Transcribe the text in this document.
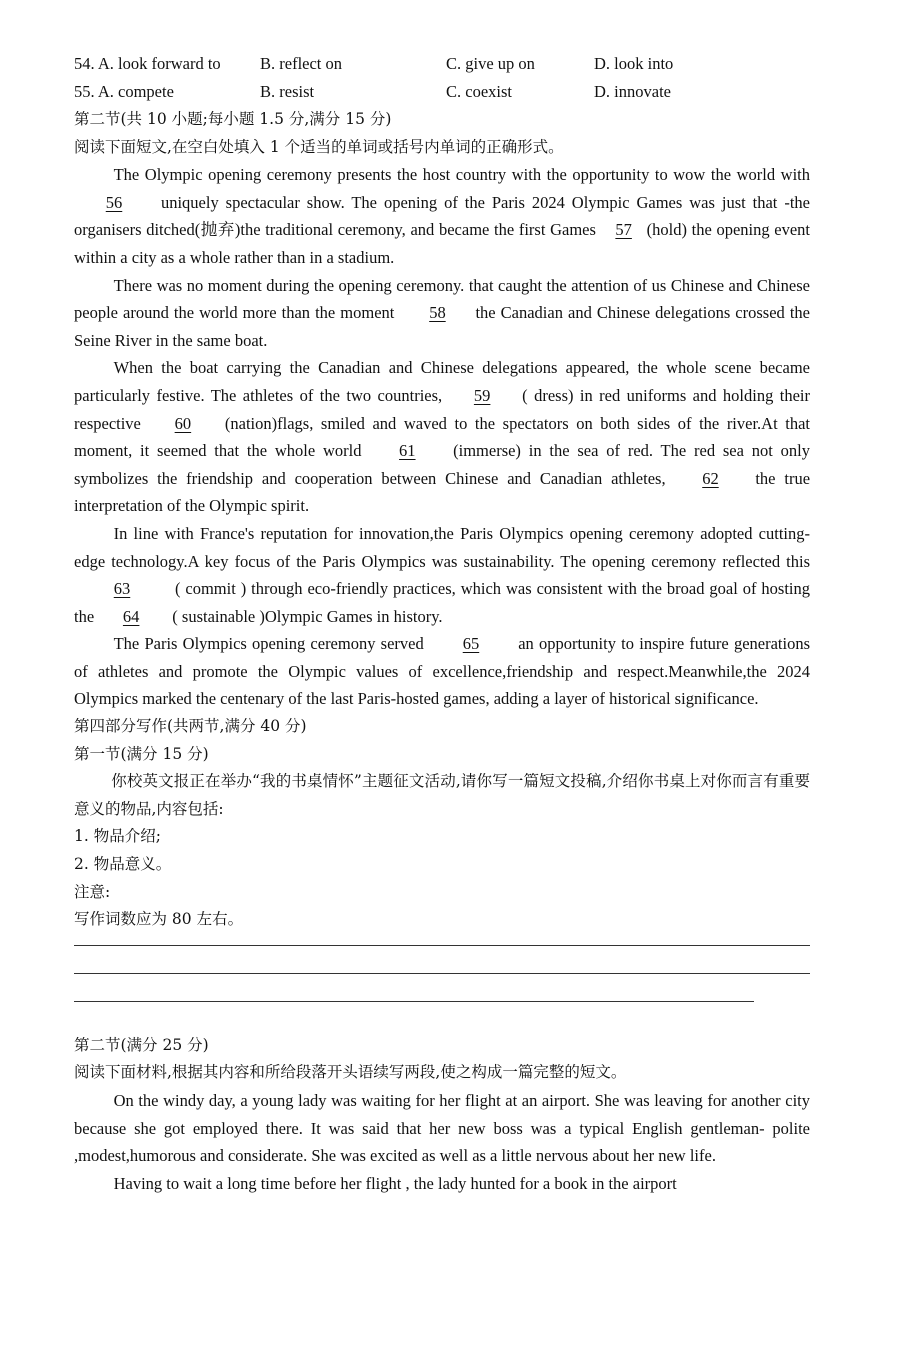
54. A. look forward to	B. reflect on	C. give up on	D. look into
55. A. compete	B. resist	C. coexist	D. innovate

第二节(共 10 小题;每小题 1.5 分,满分 15 分)

阅读下面短文,在空白处填入 1 个适当的单词或括号内单词的正确形式。

The Olympic opening ceremony presents the host country with the opportunity to wow the world with56 uniquely spectacular show. The opening of the Paris 2024 Olympic Games was just that -the organisers ditched(抛弃)the traditional ceremony, and became the first Games 57 (hold) the opening event within a city as a whole rather than in a stadium.

There was no moment during the opening ceremony. that caught the attention of us Chinese and Chinese people around the world more than the moment 58 the Canadian and Chinese delegations crossed the Seine River in the same boat.

When the boat carrying the Canadian and Chinese delegations appeared, the whole scene became particularly festive. The athletes of the two countries, 59 ( dress) in red uniforms and holding their respective 60 (nation)flags, smiled and waved to the spectators on both sides of the river.At that moment, it seemed that the whole world 61 (immerse) in the sea of red. The red sea not only symbolizes the friendship and cooperation between Chinese and Canadian athletes, 62 the true interpretation of the Olympic spirit.

In line with France's reputation for innovation,the Paris Olympics opening ceremony adopted cutting-edge technology.A key focus of the Paris Olympics was sustainability. The opening ceremony reflected this 63	( commit ) through eco-friendly practices, which was consistent with the broad goal of hosting the 64 ( sustainable )Olympic Games in history.

The Paris Olympics opening ceremony served 65 an opportunity to inspire future generations of athletes and promote the Olympic values of excellence,friendship and respect.Meanwhile,the 2024 Olympics marked the centenary of the last Paris-hosted games, adding a layer of historical significance.

第四部分写作(共两节,满分 40 分)

第一节(满分 15 分)

你校英文报正在举办“我的书桌情怀”主题征文活动,请你写一篇短文投稿,介绍你书桌上对你而言有重要意义的物品,内容包括:

1. 物品介绍;

2. 物品意义。

注意:

写作词数应为 80 左右。

第二节(满分 25 分)

阅读下面材料,根据其内容和所给段落开头语续写两段,使之构成一篇完整的短文。

On the windy day, a young lady was waiting for her flight at an airport. She was leaving for another city because she got employed there. It was said that her new boss was a typical English gentleman- polite ,modest,humorous and considerate. She was excited as well as a little nervous about her new life.

Having to wait a long time before her flight , the lady hunted for a book in the airport
